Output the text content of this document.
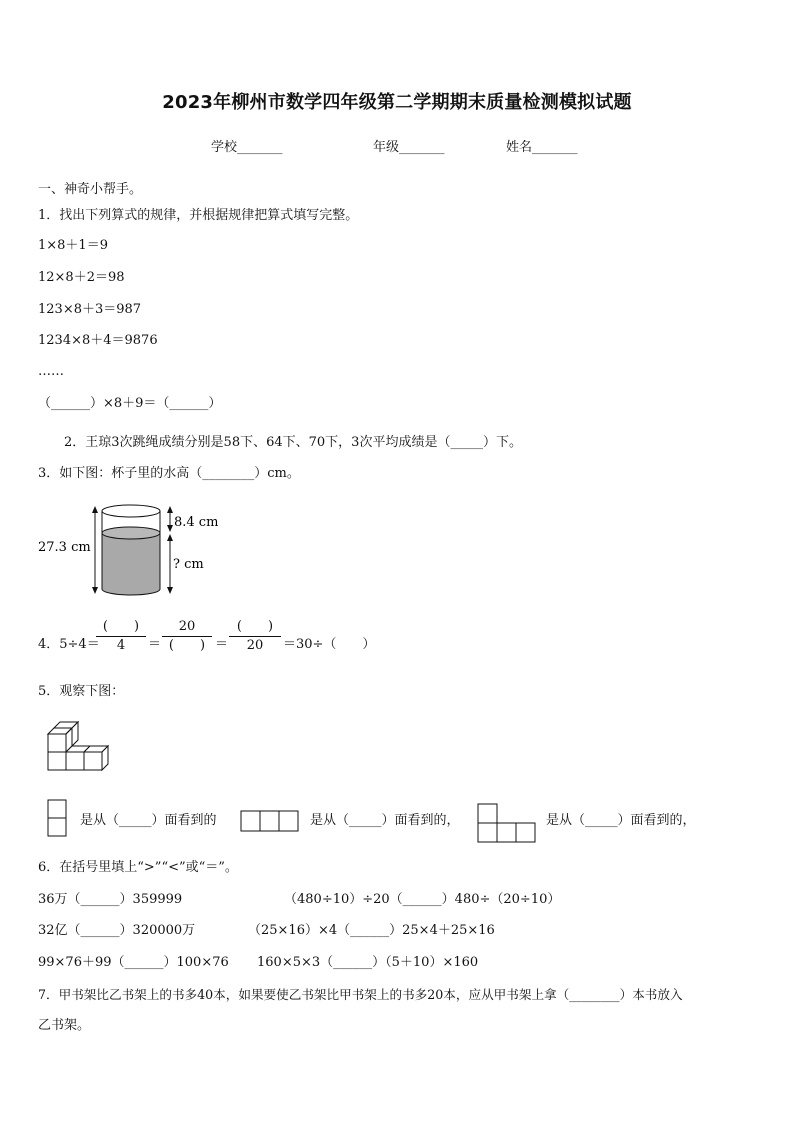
2023年柳州市数学四年级第二学期期末质量检测模拟试题
学校_______	年级_______	姓名_______
一、神奇小帮手。
1．找出下列算式的规律，并根据规律把算式填写完整。
1×8＋1＝9
12×8＋2＝98
123×8＋3＝987
1234×8＋4＝9876
……
（______）×8＋9＝（______）
2．王琼3次跳绳成绩分别是58下、64下、70下，3次平均成绩是（_____）下。
3．如下图：杯子里的水高（________）cm。
27.3 cm
8.4 cm
? cm
4．5÷4＝
(　　)
4	＝
20
(　　) ＝
(　　)
20	＝30÷（　　）
5．观察下图：
是从（_____）面看到的	是从（_____）面看到的，	是从（_____）面看到的，
6．在括号里填上“>”“<”或“＝”。
36万（______）359999	（480÷10）÷20（______）480÷（20÷10）
32亿（______）320000万	（25×16）×4（______）25×4＋25×16
99×76＋99（______）100×76 160×5×3（______）（5＋10）×160
7．甲书架比乙书架上的书多40本，如果要使乙书架比甲书架上的书多20本，应从甲书架上拿（________）本书放入
乙书架。
